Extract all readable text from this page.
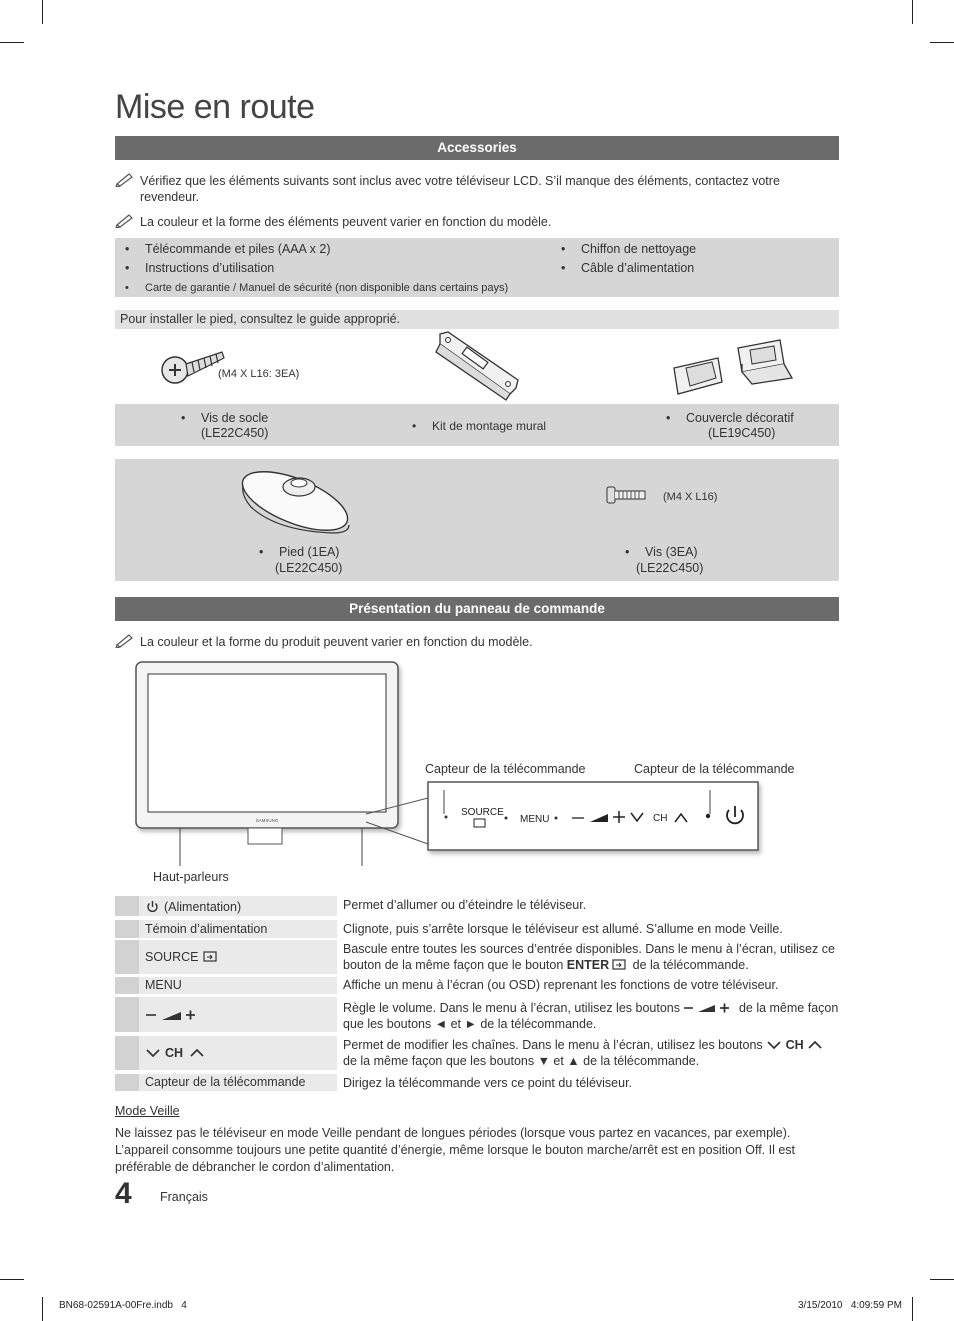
Mise en route
Accessories
Vérifiez que les éléments suivants sont inclus avec votre téléviseur LCD. S’il manque des éléments, contactez votre revendeur.
La couleur et la forme des éléments peuvent varier en fonction du modèle.
• Télécommande et piles (AAA x 2)
• Instructions d’utilisation
• Carte de garantie / Manuel de sécurité (non disponible dans certains pays)
• Chiffon de nettoyage
• Câble d’alimentation
Pour installer le pied, consultez le guide approprié.
(M4 X L16: 3EA)
• Vis de socle
(LE22C450)
•	Kit de montage mural
• Couvercle décoratif
(LE19C450)
(M4 X L16)
• Pied (1EA)
(LE22C450)
• Vis (3EA)
(LE22C450)
Présentation du panneau de commande
La couleur et la forme du produit peuvent varier en fonction du modèle.
SAMSUNG
SOURCE
MENU	CH
Capteur de la télécommande	Capteur de la télécommande
Haut-parleurs
(Alimentation)	Permet d’allumer ou d’éteindre le téléviseur.
Témoin d’alimentation	Clignote, puis s’arrête lorsque le téléviseur est allumé. S’allume en mode Veille.
SOURCE
Bascule entre toutes les sources d’entrée disponibles. Dans le menu à l’écran, utilisez ce bouton de la même façon que le bouton ENTER de la télécommande.
MENU	Affiche un menu à l’écran (ou OSD) reprenant les fonctions de votre téléviseur.
Règle le volume. Dans le menu à l’écran, utilisez les boutons	de la même façon que les boutons ◄ et ► de la télécommande.
CH
Permet de modifier les chaînes. Dans le menu à l’écran, utilisez les boutons  CH
de la même façon que les boutons ▼ et ▲ de la télécommande.
Capteur de la télécommande	Dirigez la télécommande vers ce point du téléviseur.
Mode Veille
Ne laissez pas le téléviseur en mode Veille pendant de longues périodes (lorsque vous partez en vacances, par exemple). L’appareil consomme toujours une petite quantité d’énergie, même lorsque le bouton marche/arrêt est en position Off. Il est préférable de débrancher le cordon d’alimentation.
4 Français
BN68-02591A-00Fre.indb   4	3/15/2010   4:09:59 PM
